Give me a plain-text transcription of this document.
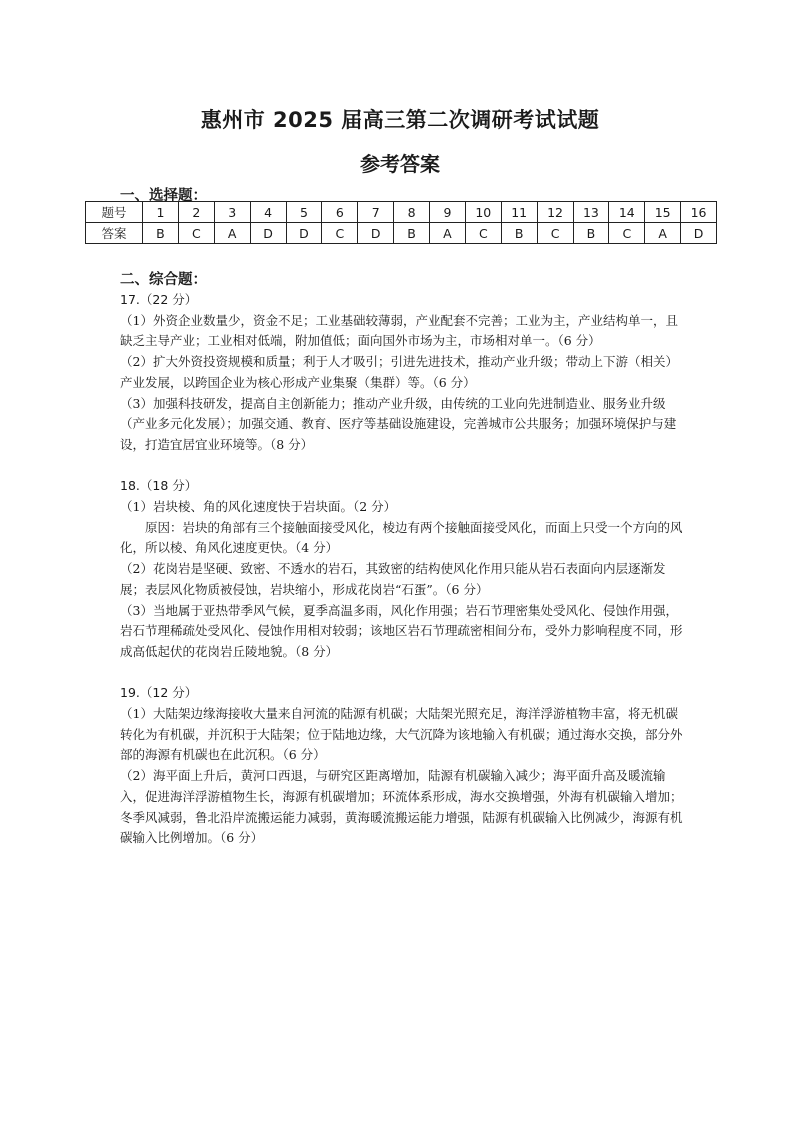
惠州市 2025 届高三第二次调研考试试题
参考答案
一、选择题：
题号	1	2	3	4	5	6	7	8	9	10	11	12	13	14	15	16
答案	B	C	A	D	D	C	D	B	A	C	B	C	B	C	A	D
二、综合题：

17.（22 分）

（1）外资企业数量少，资金不足；工业基础较薄弱，产业配套不完善；工业为主，产业结构单一，且缺乏主导产业；工业相对低端，附加值低；面向国外市场为主，市场相对单一。（6 分）

（2）扩大外资投资规模和质量；利于人才吸引；引进先进技术，推动产业升级；带动上下游（相关）产业发展，以跨国企业为核心形成产业集聚（集群）等。（6 分）

（3）加强科技研发，提高自主创新能力；推动产业升级，由传统的工业向先进制造业、服务业升级（产业多元化发展）；加强交通、教育、医疗等基础设施建设，完善城市公共服务；加强环境保护与建设，打造宜居宜业环境等。（8 分）

18.（18 分）

（1）岩块棱、角的风化速度快于岩块面。（2 分）

原因：岩块的角部有三个接触面接受风化，棱边有两个接触面接受风化，而面上只受一个方向的风化，所以棱、角风化速度更快。（4 分）

（2）花岗岩是坚硬、致密、不透水的岩石，其致密的结构使风化作用只能从岩石表面向内层逐渐发展；表层风化物质被侵蚀，岩块缩小，形成花岗岩“石蛋”。（6 分）

（3）当地属于亚热带季风气候，夏季高温多雨，风化作用强；岩石节理密集处受风化、侵蚀作用强，岩石节理稀疏处受风化、侵蚀作用相对较弱；该地区岩石节理疏密相间分布，受外力影响程度不同，形成高低起伏的花岗岩丘陵地貌。（8 分）

19.（12 分）

（1）大陆架边缘海接收大量来自河流的陆源有机碳；大陆架光照充足，海洋浮游植物丰富，将无机碳转化为有机碳，并沉积于大陆架；位于陆地边缘，大气沉降为该地输入有机碳；通过海水交换，部分外部的海源有机碳也在此沉积。（6 分）

（2）海平面上升后，黄河口西退，与研究区距离增加，陆源有机碳输入减少；海平面升高及暖流输入，促进海洋浮游植物生长，海源有机碳增加；环流体系形成，海水交换增强，外海有机碳输入增加；冬季风减弱，鲁北沿岸流搬运能力减弱，黄海暖流搬运能力增强，陆源有机碳输入比例减少，海源有机碳输入比例增加。（6 分）
